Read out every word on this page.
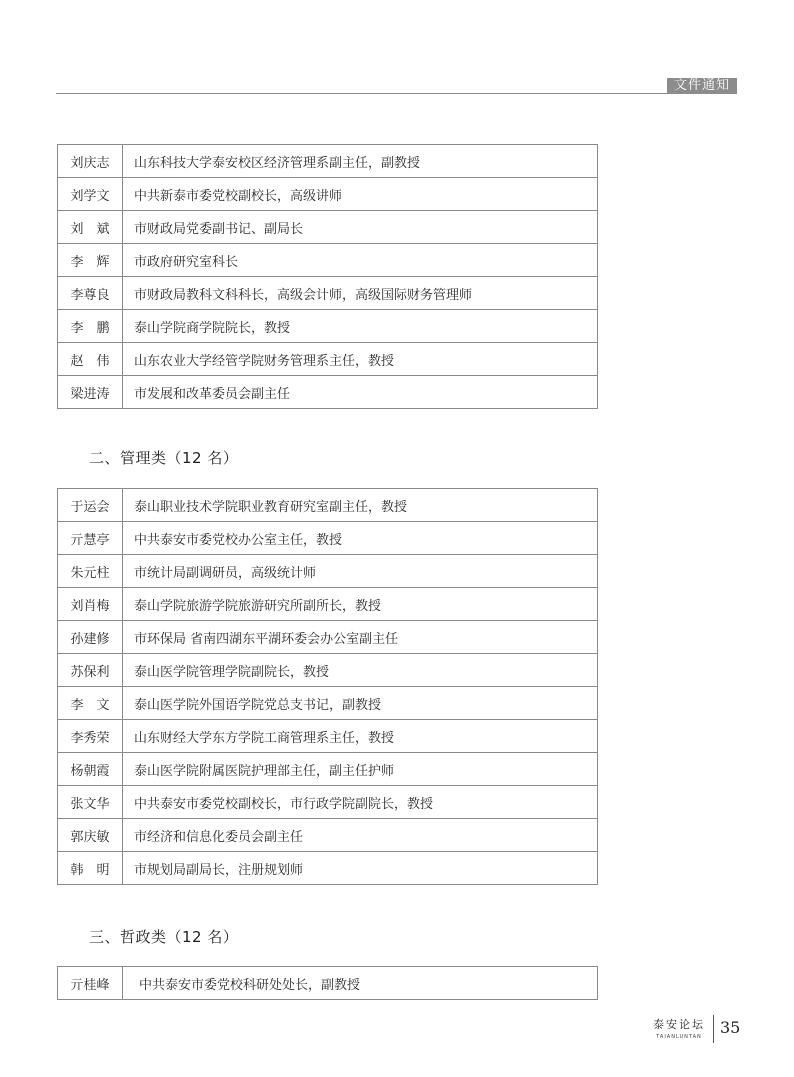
文件通知
刘庆志	山东科技大学泰安校区经济管理系副主任，副教授
刘学文	中共新泰市委党校副校长，高级讲师
刘　斌	市财政局党委副书记、副局长
李　辉	市政府研究室科长
李尊良	市财政局教科文科科长，高级会计师，高级国际财务管理师
李　鹏	泰山学院商学院院长，教授
赵　伟	山东农业大学经管学院财务管理系主任，教授
梁进涛	市发展和改革委员会副主任
二、管理类（12 名）
于运会	泰山职业技术学院职业教育研究室副主任，教授
亓慧亭	中共泰安市委党校办公室主任，教授
朱元柱	市统计局副调研员，高级统计师
刘肖梅	泰山学院旅游学院旅游研究所副所长，教授
孙建修	市环保局 省南四湖东平湖环委会办公室副主任
苏保利	泰山医学院管理学院副院长，教授
李　文	泰山医学院外国语学院党总支书记，副教授
李秀荣	山东财经大学东方学院工商管理系主任，教授
杨朝霞	泰山医学院附属医院护理部主任，副主任护师
张文华	中共泰安市委党校副校长，市行政学院副院长，教授
郭庆敏	市经济和信息化委员会副主任
韩　明	市规划局副局长，注册规划师
三、哲政类（12 名）
亓桂峰	中共泰安市委党校科研处处长，副教授
泰安论坛
TAIANLUNTAN	35
